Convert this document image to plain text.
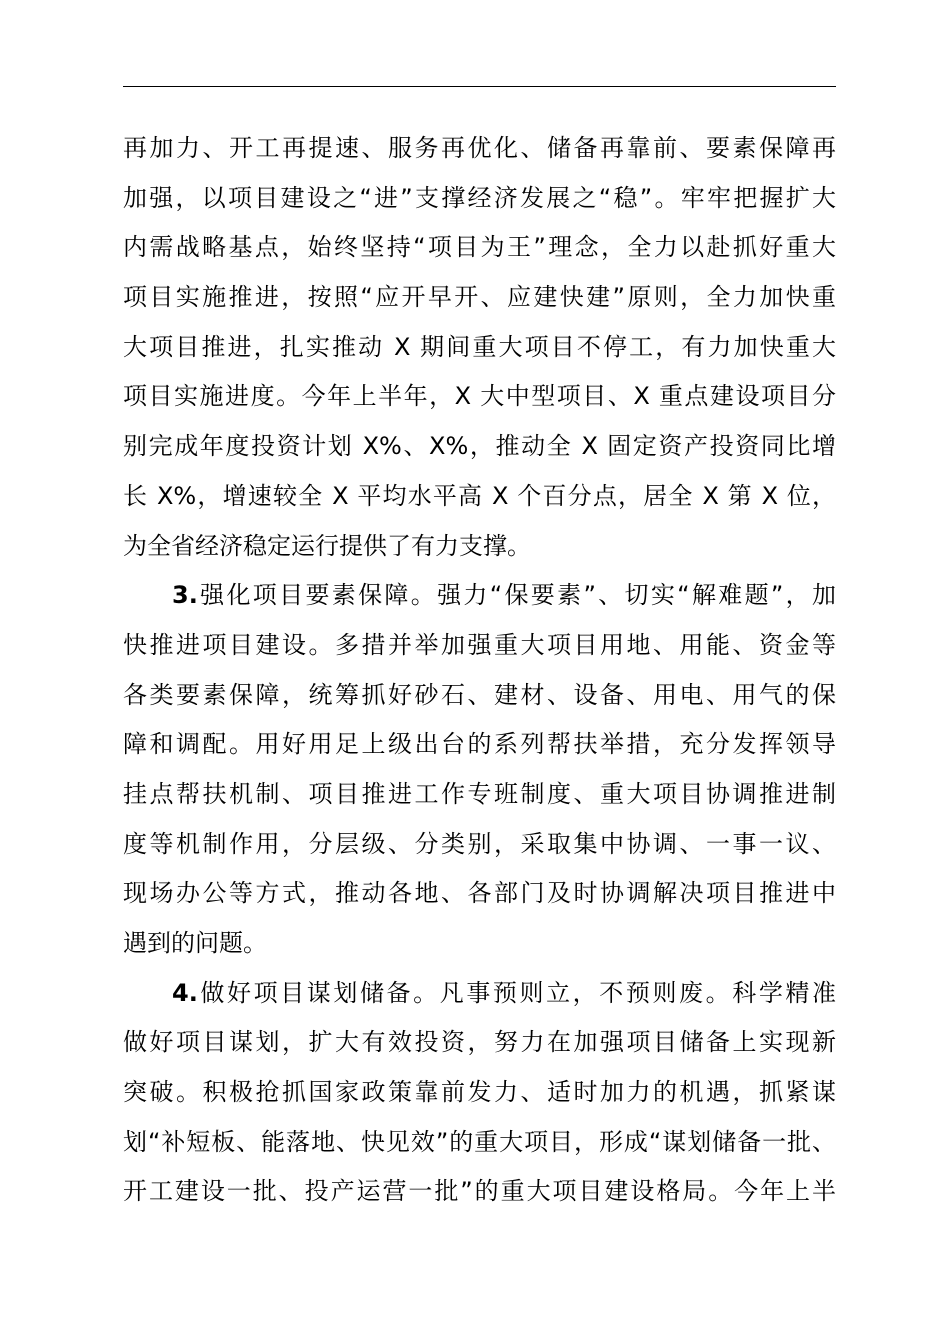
再加力、开工再提速、服务再优化、储备再靠前、要素保障再
加强，以项目建设之“进”支撑经济发展之“稳”。牢牢把握扩大
内需战略基点，始终坚持“项目为王”理念，全力以赴抓好重大
项目实施推进，按照“应开早开、应建快建”原则，全力加快重
大项目推进，扎实推动 X 期间重大项目不停工，有力加快重大
项目实施进度。今年上半年，X 大中型项目、X 重点建设项目分
别完成年度投资计划 X%、X%，推动全 X 固定资产投资同比增
长 X%，增速较全 X 平均水平高 X 个百分点，居全 X 第 X 位，
为全省经济稳定运行提供了有力支撑。
3.强化项目要素保障。强力“保要素”、切实“解难题”，加
快推进项目建设。多措并举加强重大项目用地、用能、资金等
各类要素保障，统筹抓好砂石、建材、设备、用电、用气的保
障和调配。用好用足上级出台的系列帮扶举措，充分发挥领导
挂点帮扶机制、项目推进工作专班制度、重大项目协调推进制
度等机制作用，分层级、分类别，采取集中协调、一事一议、
现场办公等方式，推动各地、各部门及时协调解决项目推进中
遇到的问题。
4.做好项目谋划储备。凡事预则立，不预则废。科学精准
做好项目谋划，扩大有效投资，努力在加强项目储备上实现新
突破。积极抢抓国家政策靠前发力、适时加力的机遇，抓紧谋
划“补短板、能落地、快见效”的重大项目，形成“谋划储备一批、
开工建设一批、投产运营一批”的重大项目建设格局。今年上半
